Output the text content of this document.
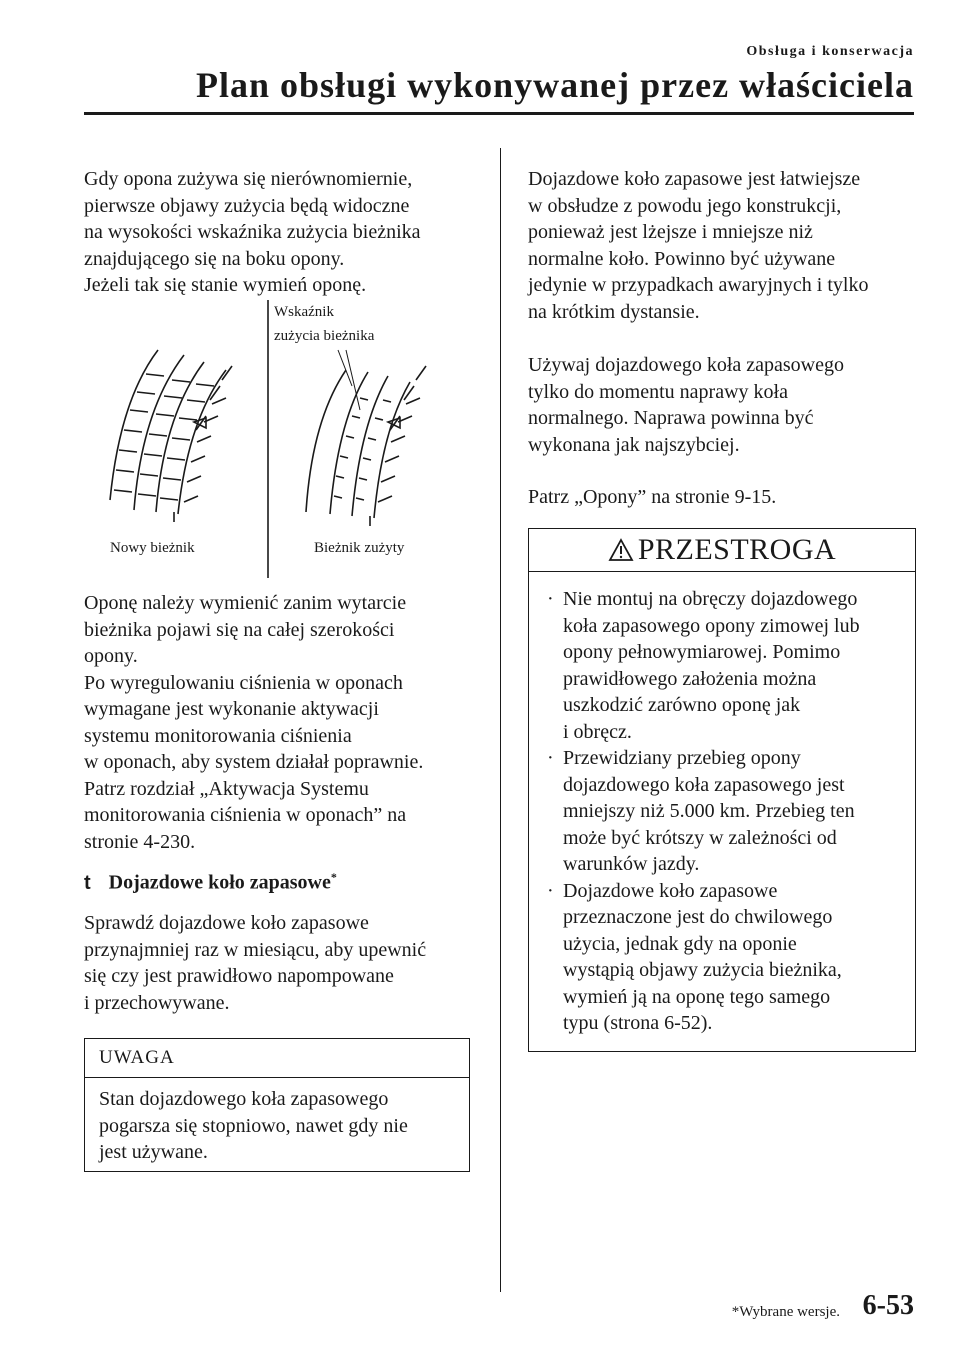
Obsługa i konserwacja
Plan obsługi wykonywanej przez właściciela

Gdy opona zużywa się nierównomiernie,

pierwsze objawy zużycia będą widoczne

na wysokości wskaźnika zużycia bieżnika

znajdującego się na boku opony.

Jeżeli tak się stanie wymień oponę.

Wskaźnik
zużycia bieżnika
Nowy bieżnik	Bieżnik zużyty

Oponę należy wymienić zanim wytarcie

bieżnika pojawi się na całej szerokości

opony.

Po wyregulowaniu ciśnienia w oponach

wymagane jest wykonanie aktywacji

systemu monitorowania ciśnienia

w oponach, aby system działał poprawnie.

Patrz rozdział „Aktywacja Systemu

monitorowania ciśnienia w oponach” na

stronie 4-230.

t Dojazdowe koło zapasowe*

Sprawdź dojazdowe koło zapasowe

przynajmniej raz w miesiącu, aby upewnić

się czy jest prawidłowo napompowane

i przechowywane.

UWAGA

Stan dojazdowego koła zapasowego

pogarsza się stopniowo, nawet gdy nie

jest używane.

Dojazdowe koło zapasowe jest łatwiejsze

w obsłudze z powodu jego konstrukcji,

ponieważ jest lżejsze i mniejsze niż

normalne koło. Powinno być używane

jedynie w przypadkach awaryjnych i tylko

na krótkim dystansie.

Używaj dojazdowego koła zapasowego

tylko do momentu naprawy koła

normalnego. Naprawa powinna być

wykonana jak najszybciej.

Patrz „Opony” na stronie 9-15.

PRZESTROGA
· Nie montuj na obręczy dojazdowego
koła zapasowego opony zimowej lub
opony pełnowymiarowej. Pomimo
prawidłowego założenia można
uszkodzić zarówno oponę jak
i obręcz.
· Przewidziany przebieg opony
dojazdowego koła zapasowego jest
mniejszy niż 5.000 km. Przebieg ten
może być krótszy w zależności od
warunków jazdy.
· Dojazdowe koło zapasowe
przeznaczone jest do chwilowego
użycia, jednak gdy na oponie
wystąpią objawy zużycia bieżnika,
wymień ją na oponę tego samego
typu (strona 6-52).
*Wybrane wersje. 6-53
